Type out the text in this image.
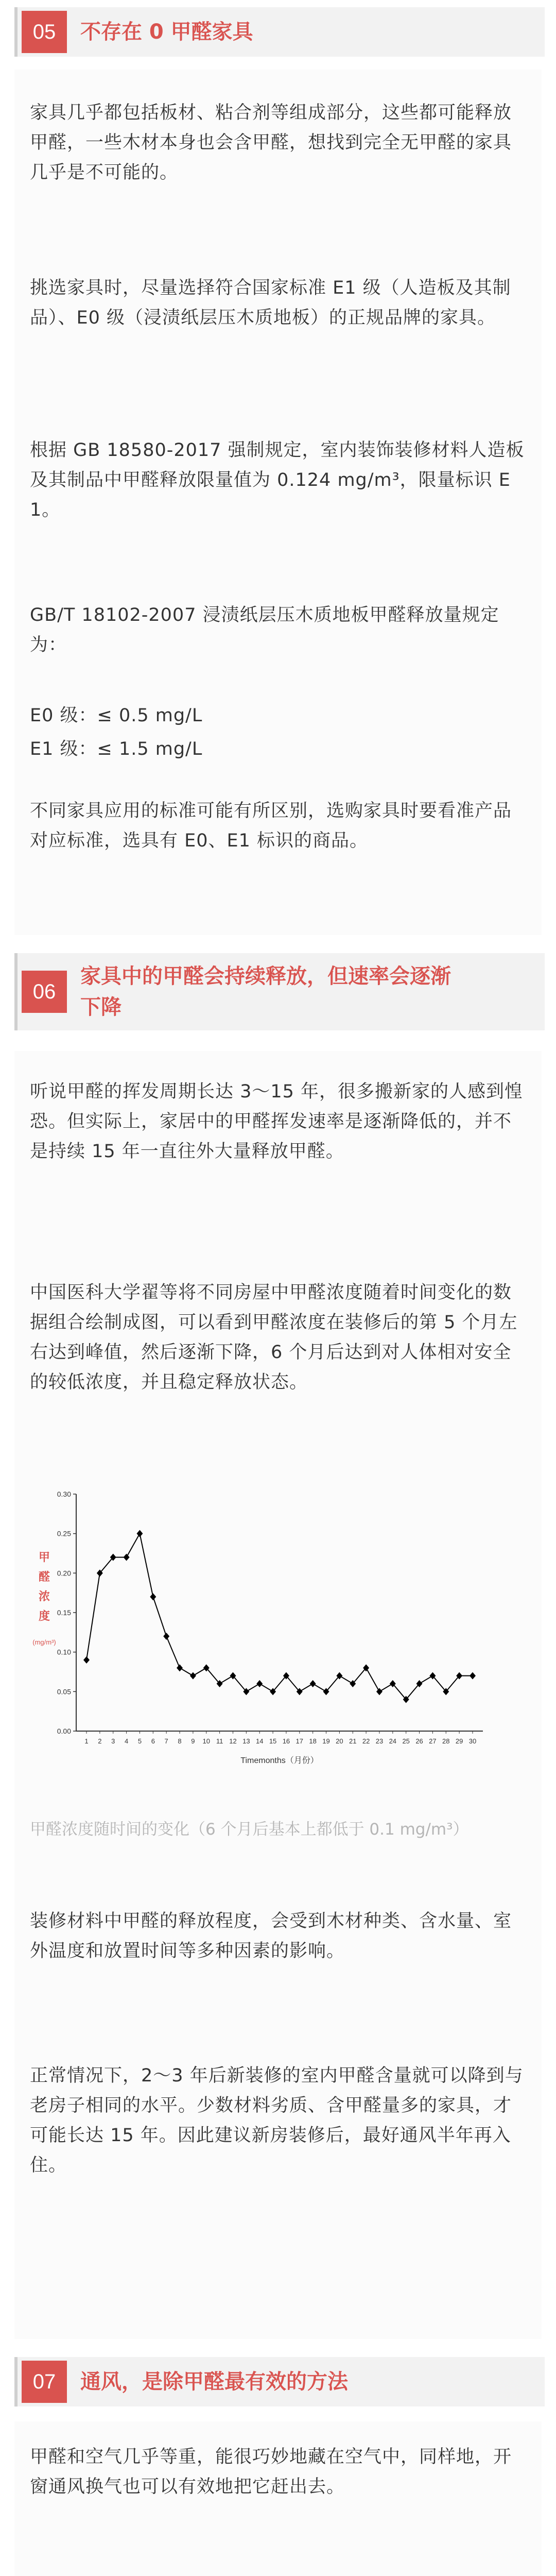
05	不存在 0 甲醛家具

家具几乎都包括板材、粘合剂等组成部分，这些都可能释放甲醛，一些木材本身也会含甲醛，想找到完全无甲醛的家具几乎是不可能的。

挑选家具时，尽量选择符合国家标准 E1 级（人造板及其制品）、E0 级（浸渍纸层压木质地板）的正规品牌的家具。

根据 GB 18580-2017 强制规定，室内装饰装修材料人造板及其制品中甲醛释放限量值为 0.124 mg/m³，限量标识 E1。

GB/T 18102-2007 浸渍纸层压木质地板甲醛释放量规定为：

E0 级：≤ 0.5 mg/L

E1 级：≤ 1.5 mg/L

不同家具应用的标准可能有所区别，选购家具时要看准产品对应标准，选具有 E0、E1 标识的商品。

06
家具中的甲醛会持续释放，但速率会逐渐
下降

听说甲醛的挥发周期长达 3～15 年，很多搬新家的人感到惶恐。但实际上，家居中的甲醛挥发速率是逐渐降低的，并不是持续 15 年一直往外大量释放甲醛。

中国医科大学翟等将不同房屋中甲醛浓度随着时间变化的数据组合绘制成图，可以看到甲醛浓度在装修后的第 5 个月左右达到峰值，然后逐渐下降，6 个月后达到对人体相对安全的较低浓度，并且稳定释放状态。

0.00
0.05
0.10
0.15
0.20
0.25
0.30
1 2 3 4 5 6 7 8 9 10 11 12 13 14 15 16 17 18 19 20 21 22 23 24 25 26 27 28 29 30
Timemonths（月份）
甲
醛
浓
度
(mg/m³)

甲醛浓度随时间的变化（6 个月后基本上都低于 0.1 mg/m³）

装修材料中甲醛的释放程度，会受到木材种类、含水量、室外温度和放置时间等多种因素的影响。

正常情况下，2～3 年后新装修的室内甲醛含量就可以降到与老房子相同的水平。少数材料劣质、含甲醛量多的家具，才可能长达 15 年。因此建议新房装修后，最好通风半年再入住。

07	通风，是除甲醛最有效的方法

甲醛和空气几乎等重，能很巧妙地藏在空气中，同样地，开窗通风换气也可以有效地把它赶出去。
